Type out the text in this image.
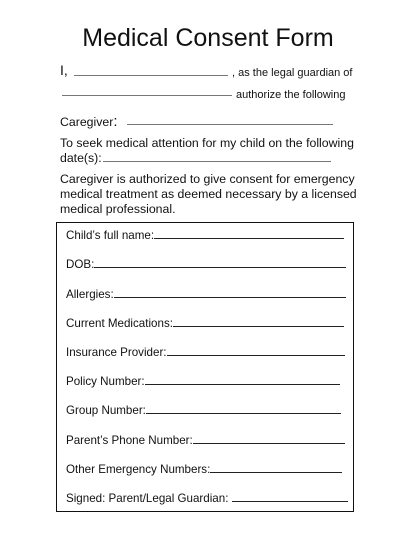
Medical Consent Form
I,	, as the legal guardian of
authorize the following
Caregiver:
To seek medical attention for my child on the following
date(s):
Caregiver is authorized to give consent for emergency
medical treatment as deemed necessary by a licensed
medical professional.
Child’s full name:
DOB:
Allergies:
Current Medications:
Insurance Provider:
Policy Number:
Group Number:
Parent’s Phone Number:
Other Emergency Numbers:
Signed: Parent/Legal Guardian:
